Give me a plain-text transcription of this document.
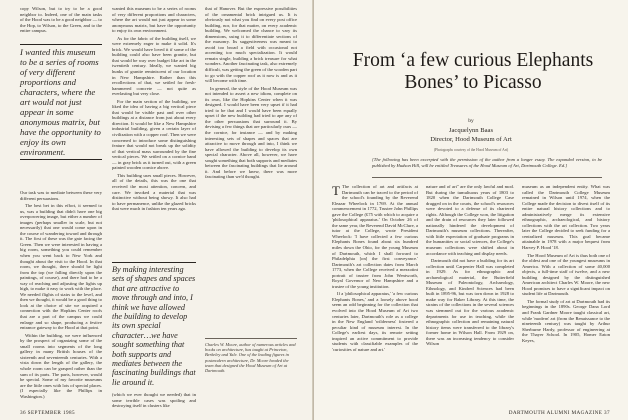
copy Wilson, but to try to be a good neighbor to. Indeed, one of the main tasks of the Hood was to be a good neighbor — to the Hop, to Wilson, to the Green, and to the entire campus.

I wanted this museum to be a series of rooms of very different proportions and characters, where the art would not just appear in some anonymous matrix, but have the opportunity to enjoy its own environment.

Our task was to mediate between these very different persuasions.

The best bet in this effort, it seemed to us, was a building that didn't have one big overpowering image, but either a number of images (perhaps smaller in scale, but not necessarily) that one would come upon in the course of wandering toward and through it. The first of these was the gate facing the Green. Then we were interested in having a big room, something you could remember when you went back to New York and thought about the visit to the Hood. In that room, we thought, there should be light from the top (we falling directly upon the paintings, of course), and there had to be a way of reaching and adjusting the lights up high, to make it easy to work with the place. We needed flights of stairs to the level, and then we thought, it would be a good thing to look at the choice of site we acquired a connection with the Hopkins Center roofs that are a part of the campus we could enlarge and so shape, producing a festive entrance gateway to the Hood at that point.

Within the building, we were influenced by the prospect of organizing some of the small rooms into segments of the long gallery in many British houses of the sixteenth and seventeenth centuries. With a vista down the length of the gallery, the whole room can be grasped rather than the sum of its parts. The parts, however, would be special. Some of my favorite museums are the little ones with lots of special places. (I especially like the Phillips in Washington.)

wanted this museum to be a series of rooms of very different proportions and characters, where the art would not just appear in some anonymous matrix, but have the opportunity to enjoy its own environment.

As for the fabric of the building itself, we were extremely eager to make it solid. It's brick. We would have loved it if some of the building could also have been granite, but that would be way over budget like art in the twentieth century. Ideally, we wanted big hunks of granite reminiscent of our location in New Hampshire. Rather than this recollections of that, we settled for fresh-hammered concrete — not quite as everlasting but very close.

For the main section of the building, we liked the idea of having a big vertical piece that would be visible past and over other buildings at a distance from just about every direction. It would be like a New Hampshire industrial building, given a certain layer of civilization with a copper roof. Then we were concerned to introduce some distinguishing feature that would not break up the solidity of that vertical mass surrounded by the fine vertical pieces. We settled on a cornice band — in gray brick as it turned out, with a green painted wooden cornice above.

This building uses small pieces. However, all of the details, this was the one that received the most attention, concern, and care. We invoked a material that was distinctive without being showy. It also had to have permanence, unlike the glazed bricks that were much in fashion ten years ago.

By making interesting sets of shapes and spaces that are attractive to move through and into, I think we have allowed the building to develop its own special character…we have sought something that both supports and mediates between the fascinating buildings that lie around it.

(which we ever thought we needed) that in some terrible cases was spoiling and destroying itself in clusters like

that of Hanover. But the expressive possibilities of the ornamental brick intrigued us. It is obviously not what you find on every post office building, nor, for that matter, on every academic building. We welcomed the chance to vary its dimensions, using it to differentiate sections of the masonry. Its suggestiveness was meant to avoid too broad a field with occasional not accenting too much specialization. It would remain single, building a brick treasure for what wonders. Another fascinating task, also extremely difficult, was getting the green of the wooden part to go with the copper roof as it now is and as it will become with time.

In general, the style of the Hood Museum was not intended to assert a new idiom, complete on its own, like the Hopkins Center when it was designed. I would have been very upset if it had tried to be that and I would have been equally upset if the new building had tried to ape any of the other persuasions that surround it. By devising a few things that are particularly ours — the cornice, for instance — and by making interesting sets of shapes and spaces that are attractive to move through and into, I think we have allowed the building to develop its own special character. Above all, however, we have sought something that both supports and mediates between the fascinating buildings that lie around it. And before we knew, there was more fascinating than we'd thought.

Charles W. Moore, author of numerous articles and books on architecture, has taught at Princeton, Berkeley and Yale. One of the leading figures in postmodern architecture, Dr. Moore headed the team that designed the Hood Museum of Art at Dartmouth.
36 SEPTEMBER 1985
From ‘a few curious Elephants
Bones’ to Picasso
by
Jacquelynn Baas
Director, Hood Museum of Art
(Photographs courtesy of the Hood Museum of Art)
[The following has been excerpted with the permission of the author from a longer essay. The expanded version, to be published by Hudson Hill, will be entitled Treasures of the Hood Museum of Art, Dartmouth College. Ed.]

T The collection of art and artifacts at Dartmouth can be traced to the period of the school's founding by the Reverend Eleazar Wheelock in 1769. At the annual commencement in 1772, Trustee John Phillips gave the College (£75 with which to acquire a 'philosophical apparatus.' On October 26 of the same year, the Reverend David McClure, a tutor at the College, wrote President Wheelock: 'I have collected a few curious Elephants Bones found about six hundred miles down the Ohio, for the young Museum of Dartmouth, which I shall forward to Philadelphia [on] the first conveyance.' Dartmouth's art collection dates from March 1773, when the College received a mezzotint portrait of trustee from John Wentworth, Royal Governor of New Hampshire and a trustee of the young institution.

If a 'philosophical apparatus,' 'a few curious Elephants Bones,' and a loosely above hood seem an odd beginning for the collection that evolved into the Hood Museum of Art two centuries later, Dartmouth's role as a college in the New England 'wilderness' fostered a peculiar kind of museum interest. In the College's earliest days, its remote setting inspired an active commitment to provide students with classifiable examples of the 'curiosities of nature and art.'

nature and of art" are the only lawful and mod. But during the tumultuous years of 1803 to 1820 when the Dartmouth College Case dragged on in the courts, the school's resources were devoted to a defense of its chartered rights. Although the College won, the litigation and the drain of resources they later followed nationally hindered the development of Dartmouth's museum collections. Thereafter, with little expectation of graduate programs in the humanities or social sciences, the College's museum collections were shifted about in accordance with teaching and display needs.

Dartmouth did not have a building for its art collection until Carpenter Hall was completed in 1929. As for ethnographic and archaeological material, the Butterfield Museum of Paleontology, Archaeology, Ethnology, and Kindred Sciences had been built in 1895-96, but was torn down in 1928 to make way for Baker Library. At this time, the strains of the collections in the several sciences was stemmed out for the various academic departments for use in teaching, while the ethnographic collection and remaining natural history items were transferred to the library's former home in Wilson Hall. From 1929 on, there was an increasing tendency to consider Wilson

museum as an independent entity. What was called the Dartmouth College Museum remained in Wilson until 1974, when the College made the decision to divest itself of its entire natural history collections and to administratively merge its extensive ethnographic, archaeological, and history collections with the art collection. Two years later the College decided to seek funding for a centralized museum. This goal became attainable in 1978 with a major bequest from Harvey P. Hood '18.

The Hood Museum of Art is thus both one of the oldest and one of the youngest museums in America. With a collection of some 40,000 objects, a full-time staff of twelve, and a new building designed by the distinguished American architect Charles W. Moore, the new Hood promises to have a significant impact on student life at Dartmouth.

The formal study of art at Dartmouth had its beginnings in the 1890s. George Dana Lord and Frank Gardner Moore taught classical art, while 'modern' art (from the Renaissance to the nineteenth century) was taught by Arthur Sherburne Hardy, professor of engineering at the Thayer School. In 1905, Homer Eaton Keyes,

DARTMOUTH ALUMNI MAGAZINE 37
